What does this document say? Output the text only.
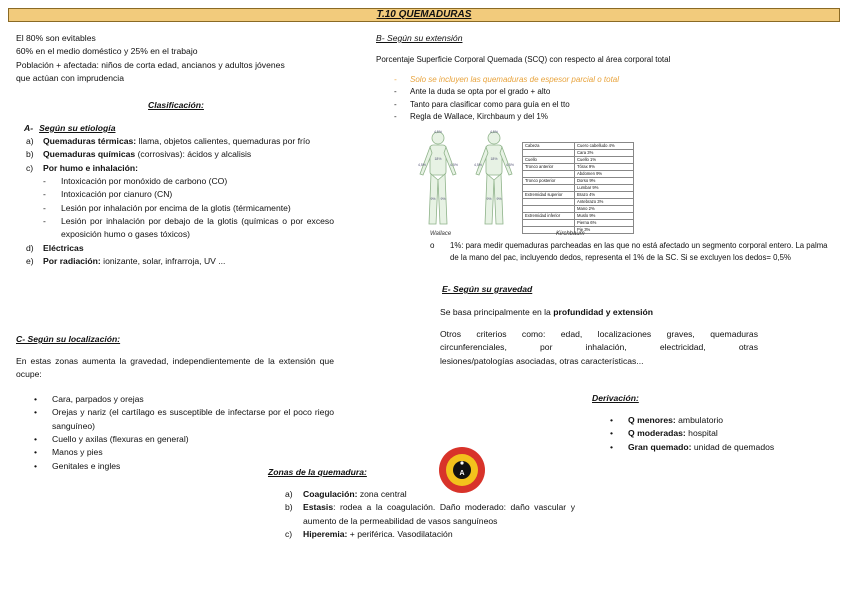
T.10 QUEMADURAS
El 80% son evitables
60% en el medio doméstico y 25% en el trabajo
Población + afectada: niños de corta edad, ancianos y adultos jóvenes
que actúan con imprudencia
Clasificación:
A- Según su etiología
a)	Quemaduras térmicas: llama, objetos calientes, quemaduras por frío
b)	Quemaduras químicas (corrosivas): ácidos y alcalisis
c)	Por humo e inhalación:
-	Intoxicación por monóxido de carbono (CO)
-	Intoxicación por cianuro (CN)
-	Lesión por inhalación por encima de la glotis (térmicamente)
-	Lesión por inhalación por debajo de la glotis (químicas o por exceso exposición humo o gases tóxicos)
d)	Eléctricas
e)	Por radiación: ionizante, solar, infrarroja, UV ...
C- Según su localización:
En estas zonas aumenta la gravedad, independientemente de la extensión que ocupe:
•	Cara, parpados y orejas
•	Orejas y nariz (el cartílago es susceptible de infectarse por el poco riego sanguíneo)
•	Cuello y axilas (flexuras en general)
•	Manos y pies
•	Genitales e ingles
Zonas de la quemadura:	A
a)	Coagulación: zona central
b)	Estasis: rodea a la coagulación. Daño moderado: daño vascular y aumento de la permeabilidad de vasos sanguíneos
c)	Hiperemia: + periférica. Vasodilatación
B- Según su extensión
Porcentaje Superficie Corporal Quemada (SCQ) con respecto al área corporal total
-	Solo se incluyen las quemaduras de espesor parcial o total
-	Ante la duda se opta por el grado + alto
-	Tanto para clasificar como para guía en el tto
-	Regla de Wallace, Kirchbaum y del 1%
4,5%
18%
4,5%	4,5%
9% 9%
4,5%
18%
4,5%	4,5%
9% 9%
Wallace
Cabeza	Cuero cabelludo 4%
	Cara 3%
Cuello	Cuello 1%
Tronco anterior	Tórax 9%
	Abdomen 9%
Tronco posterior	Dorso 9%
	Lumbar 9%
Extremidad superior	Brazo 4%
	Antebrazo 3%
	Mano 2%
Extremidad inferior	Muslo 9%
	Pierna 6%
	Pie 3%
Kirchbaum
o	1%: para medir quemaduras parcheadas en las que no está afectado un segmento corporal entero. La palma de la mano del pac, incluyendo dedos, representa el 1% de la SC. Si se excluyen los dedos= 0,5%
E- Según su gravedad
Se basa principalmente en la profundidad y extensión
Otros criterios como: edad, localizaciones graves, quemaduras
circunferenciales, por inhalación, electricidad, otras
lesiones/patologías asociadas, otras características...
Derivación:
•	Q menores: ambulatorio
•	Q moderadas: hospital
•	Gran quemado: unidad de quemados
